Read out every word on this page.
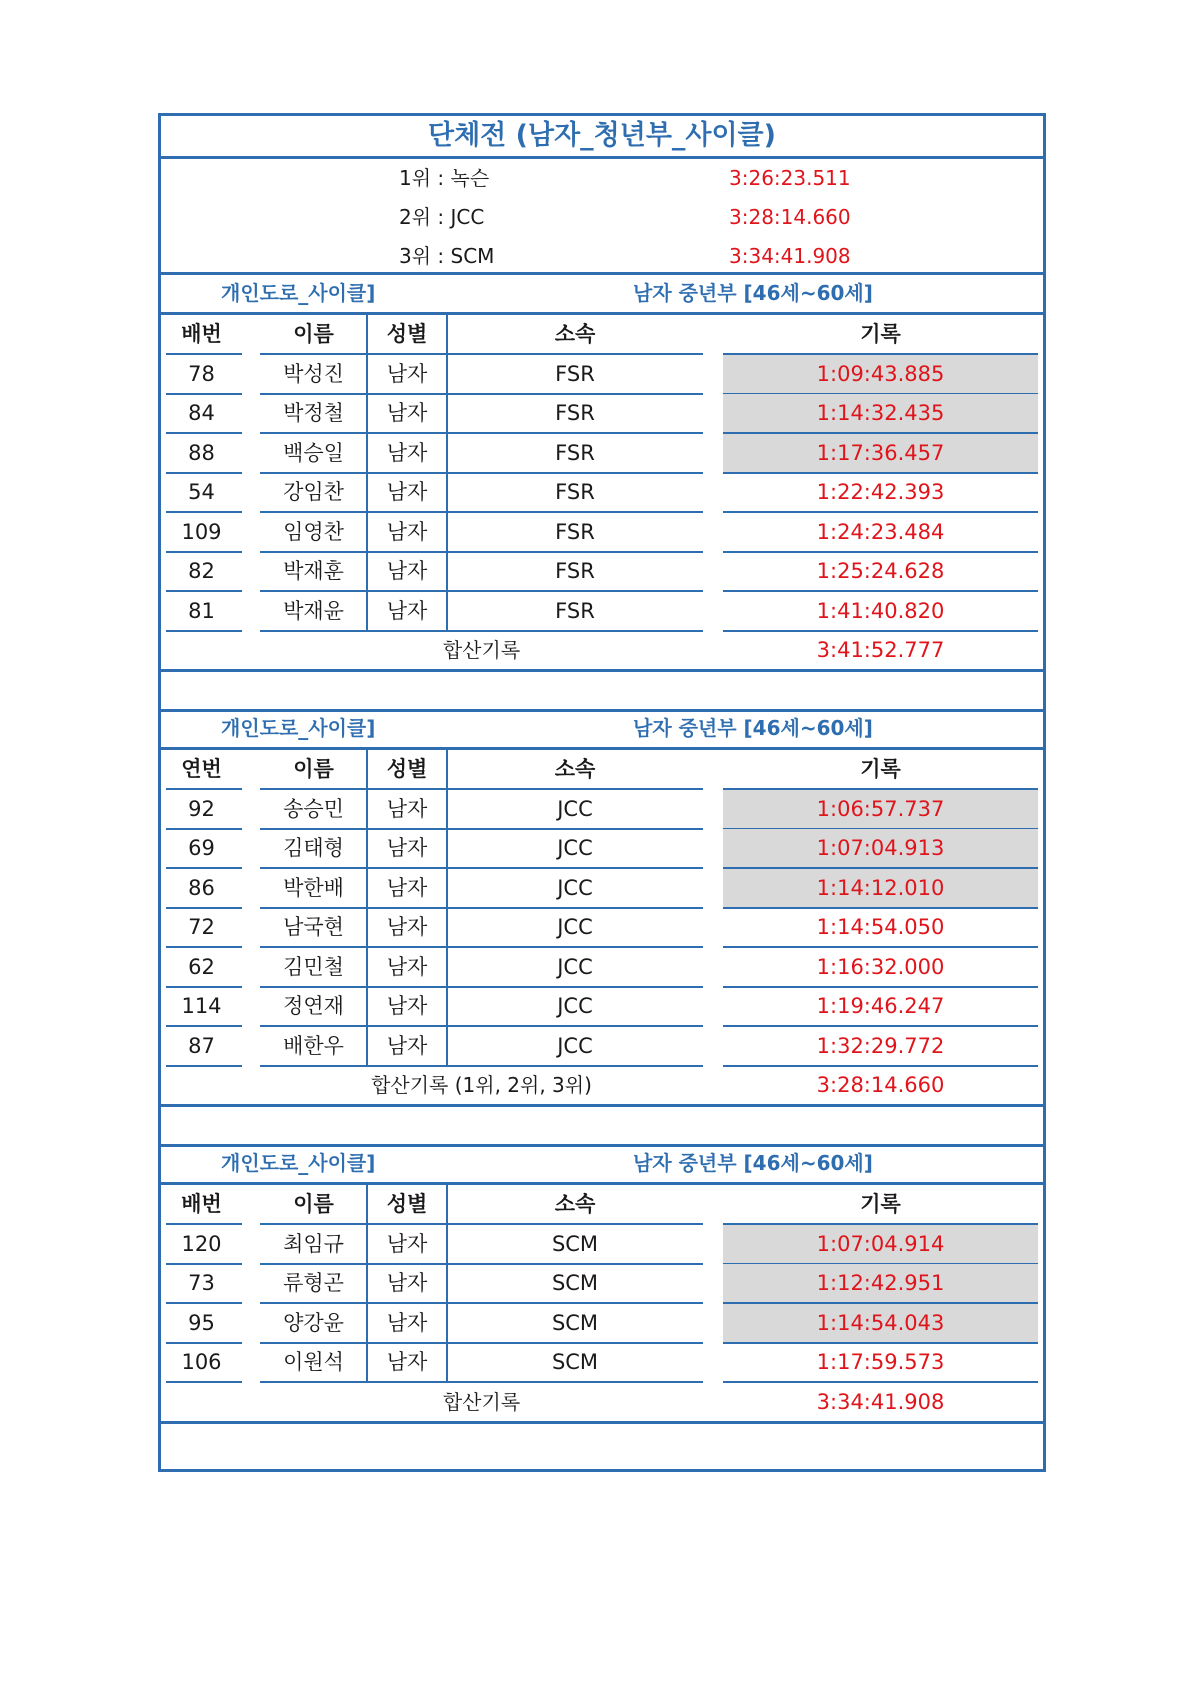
단체전 (남자_청년부_사이클)
1위 : 녹슨	3:26:23.511
2위 : JCC	3:28:14.660
3위 : SCM	3:34:41.908
개인도로_사이클]	남자 중년부 [46세~60세]
배번	이름	성별	소속	기록
78	박성진	남자	FSR	1:09:43.885
84	박정철	남자	FSR	1:14:32.435
88	백승일	남자	FSR	1:17:36.457
54	강임찬	남자	FSR	1:22:42.393
109	임영찬	남자	FSR	1:24:23.484
82	박재훈	남자	FSR	1:25:24.628
81	박재윤	남자	FSR	1:41:40.820
합산기록	3:41:52.777
개인도로_사이클]	남자 중년부 [46세~60세]
연번	이름	성별	소속	기록
92	송승민	남자	JCC	1:06:57.737
69	김태형	남자	JCC	1:07:04.913
86	박한배	남자	JCC	1:14:12.010
72	남국현	남자	JCC	1:14:54.050
62	김민철	남자	JCC	1:16:32.000
114	정연재	남자	JCC	1:19:46.247
87	배한우	남자	JCC	1:32:29.772
합산기록 (1위, 2위, 3위)	3:28:14.660
개인도로_사이클]	남자 중년부 [46세~60세]
배번	이름	성별	소속	기록
120	최임규	남자	SCM	1:07:04.914
73	류형곤	남자	SCM	1:12:42.951
95	양강윤	남자	SCM	1:14:54.043
106	이원석	남자	SCM	1:17:59.573
합산기록	3:34:41.908
